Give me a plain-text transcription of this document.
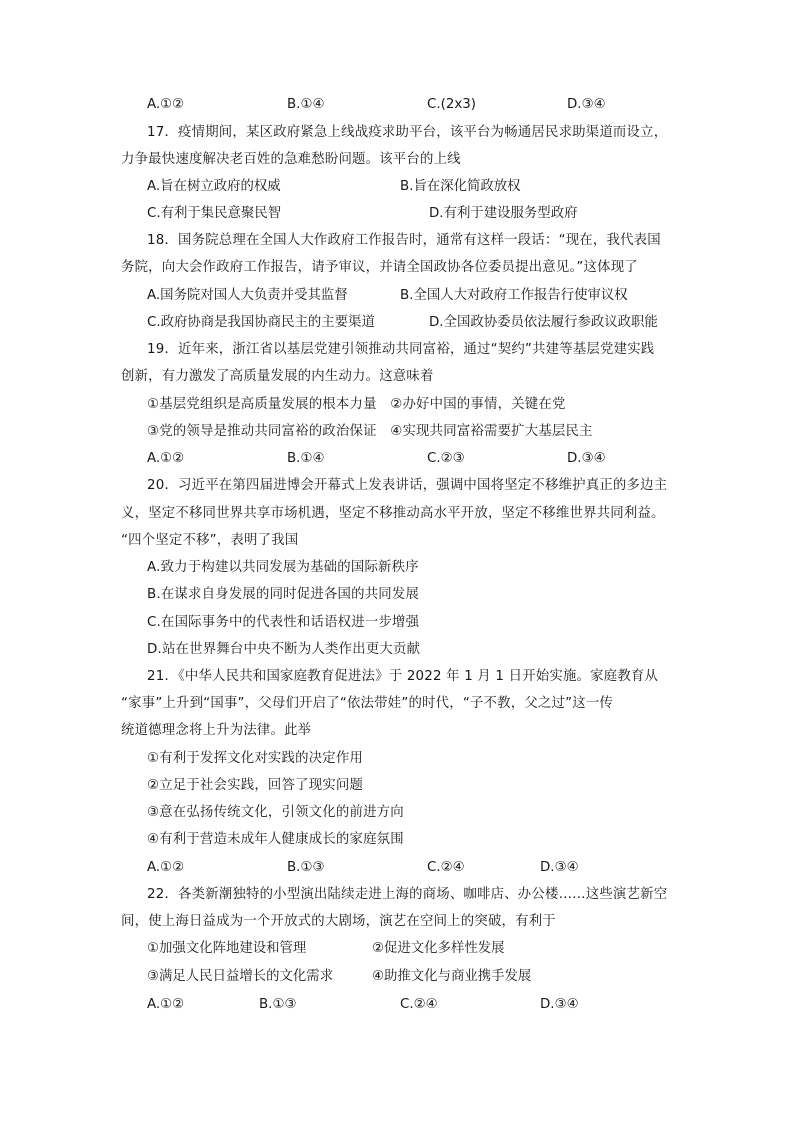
A.①②	B.①④	C.(2x3)	D.③④
17．疫情期间，某区政府紧急上线战疫求助平台，该平台为畅通居民求助渠道而设立，
力争最快速度解决老百姓的急难愁盼问题。该平台的上线
A.旨在树立政府的权威	B.旨在深化简政放权
C.有利于集民意聚民智	D.有利于建设服务型政府
18．国务院总理在全国人大作政府工作报告时，通常有这样一段话：“现在，我代表国
务院，向大会作政府工作报告，请予审议，并请全国政协各位委员提出意见。”这体现了
A.国务院对国人大负责并受其监督	B.全国人大对政府工作报告行使审议权
C.政府协商是我国协商民主的主要渠道	D.全国政协委员依法履行参政议政职能
19．近年来，浙江省以基层党建引领推动共同富裕，通过“契约”共建等基层党建实践
创新，有力激发了高质量发展的内生动力。这意味着
①基层党组织是高质量发展的根本力量　②办好中国的事情，关键在党
③党的领导是推动共同富裕的政治保证　④实现共同富裕需要扩大基层民主
A.①②	B.①④	C.②③	D.③④
20．习近平在第四届进博会开幕式上发表讲话，强调中国将坚定不移维护真正的多边主
义，坚定不移同世界共享市场机遇，坚定不移推动高水平开放，坚定不移维世界共同利益。
“四个坚定不移”，表明了我国
A.致力于构建以共同发展为基础的国际新秩序
B.在谋求自身发展的同时促进各国的共同发展
C.在国际事务中的代表性和话语权进一步增强
D.站在世界舞台中央不断为人类作出更大贡献
21．《中华人民共和国家庭教育促进法》于 2022 年 1 月 1 日开始实施。家庭教育从
“家事”上升到“国事”，父母们开启了“依法带娃”的时代，“子不教，父之过”这一传
统道德理念将上升为法律。此举
①有利于发挥文化对实践的决定作用
②立足于社会实践，回答了现实问题
③意在弘扬传统文化，引领文化的前进方向
④有利于营造未成年人健康成长的家庭氛围
A.①②	B.①③	C.②④	D.③④
22．各类新潮独特的小型演出陆续走进上海的商场、咖啡店、办公楼……这些演艺新空
间，使上海日益成为一个开放式的大剧场，演艺在空间上的突破，有利于
①加强文化阵地建设和管理	②促进文化多样性发展
③满足人民日益增长的文化需求	④助推文化与商业携手发展
A.①②	B.①③	C.②④	D.③④
